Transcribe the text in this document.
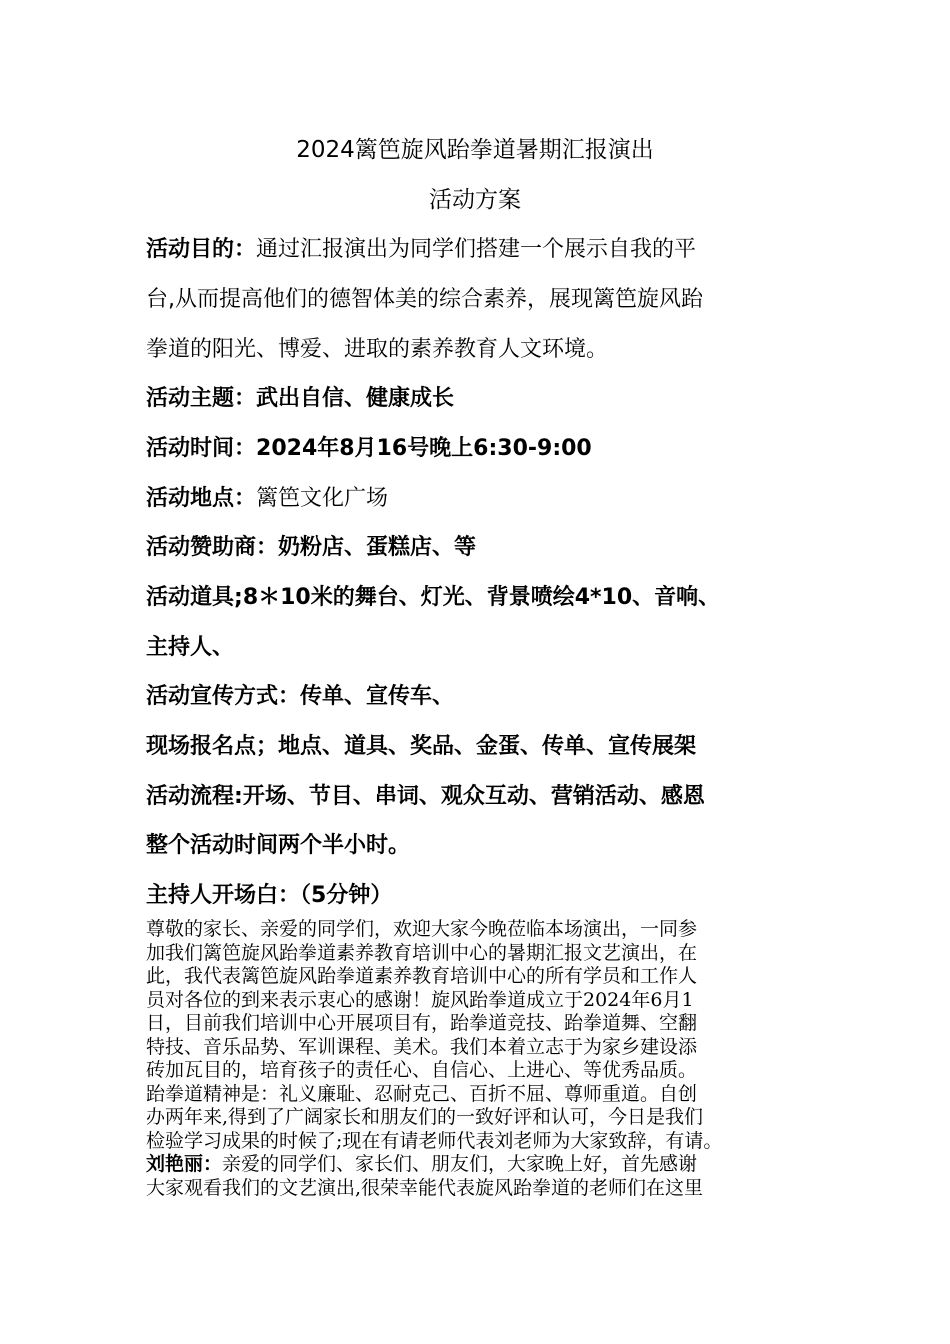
2024篱笆旋风跆拳道暑期汇报演出
活动方案
活动目的：通过汇报演出为同学们搭建一个展示自我的平
台,从而提高他们的德智体美的综合素养，展现篱笆旋风跆
拳道的阳光、博爱、进取的素养教育人文环境。
活动主题：武出自信、健康成长
活动时间：2024年8月16号晚上6:30-9:00
活动地点：篱笆文化广场
活动赞助商：奶粉店、蛋糕店、等
活动道具;8＊10米的舞台、灯光、背景喷绘4*10、音响、
主持人、
活动宣传方式：传单、宣传车、
现场报名点；地点、道具、奖品、金蛋、传单、宣传展架
活动流程:开场、节目、串词、观众互动、营销活动、感恩
整个活动时间两个半小时。
主持人开场白：（5分钟）
尊敬的家长、亲爱的同学们，欢迎大家今晚莅临本场演出，一同参
加我们篱笆旋风跆拳道素养教育培训中心的暑期汇报文艺演出，在
此，我代表篱笆旋风跆拳道素养教育培训中心的所有学员和工作人
员对各位的到来表示衷心的感谢！旋风跆拳道成立于2024年6月1
日，目前我们培训中心开展项目有，跆拳道竞技、跆拳道舞、空翻
特技、音乐品势、军训课程、美术。我们本着立志于为家乡建设添
砖加瓦目的，培育孩子的责任心、自信心、上进心、等优秀品质。
跆拳道精神是：礼义廉耻、忍耐克己、百折不屈、尊师重道。自创
办两年来,得到了广阔家长和朋友们的一致好评和认可，今日是我们
检验学习成果的时候了;现在有请老师代表刘老师为大家致辞，有请。
刘艳丽：亲爱的同学们、家长们、朋友们，大家晚上好，首先感谢
大家观看我们的文艺演出,很荣幸能代表旋风跆拳道的老师们在这里
